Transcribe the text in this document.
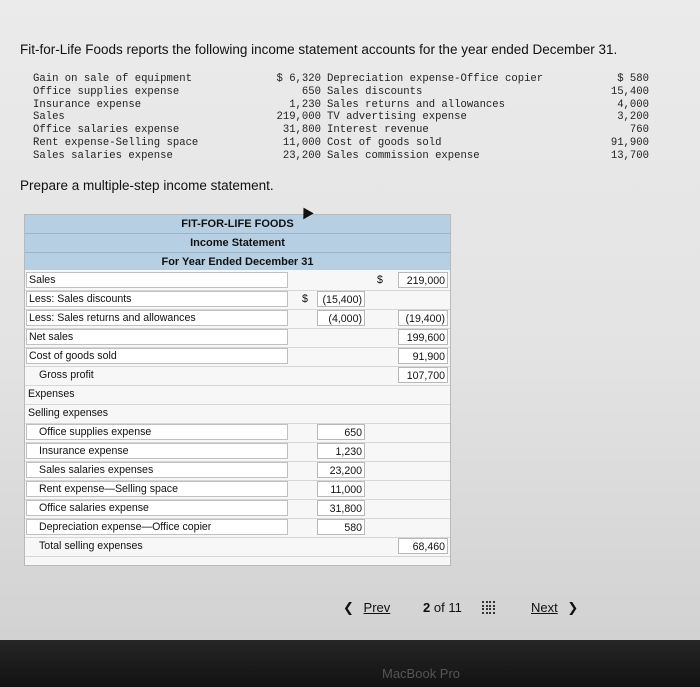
Fit-for-Life Foods reports the following income statement accounts for the year ended December 31.
Gain on sale of equipment	$ 6,320	Depreciation expense-Office copier	$ 580
Office supplies expense	650	Sales discounts	15,400
Insurance expense	1,230	Sales returns and allowances	4,000
Sales	219,000	TV advertising expense	3,200
Office salaries expense	31,800	Interest revenue	760
Rent expense-Selling space	11,000	Cost of goods sold	91,900
Sales salaries expense	23,200	Sales commission expense	13,700
Prepare a multiple-step income statement.
FIT-FOR-LIFE FOODS
Income Statement
For Year Ended December 31
Sales	$	219,000
Less: Sales discounts	$	(15,400)
Less: Sales returns and allowances	(4,000)	(19,400)
Net sales	199,600
Cost of goods sold	91,900
Gross profit	107,700
Expenses
Selling expenses
Office supplies expense	650
Insurance expense	1,230
Sales salaries expenses	23,200
Rent expense—Selling space	11,000
Office salaries expense	31,800
Depreciation expense—Office copier	580
Total selling expenses	68,460
❮ Prev	2 of 11	Next ❯
MacBook Pro
